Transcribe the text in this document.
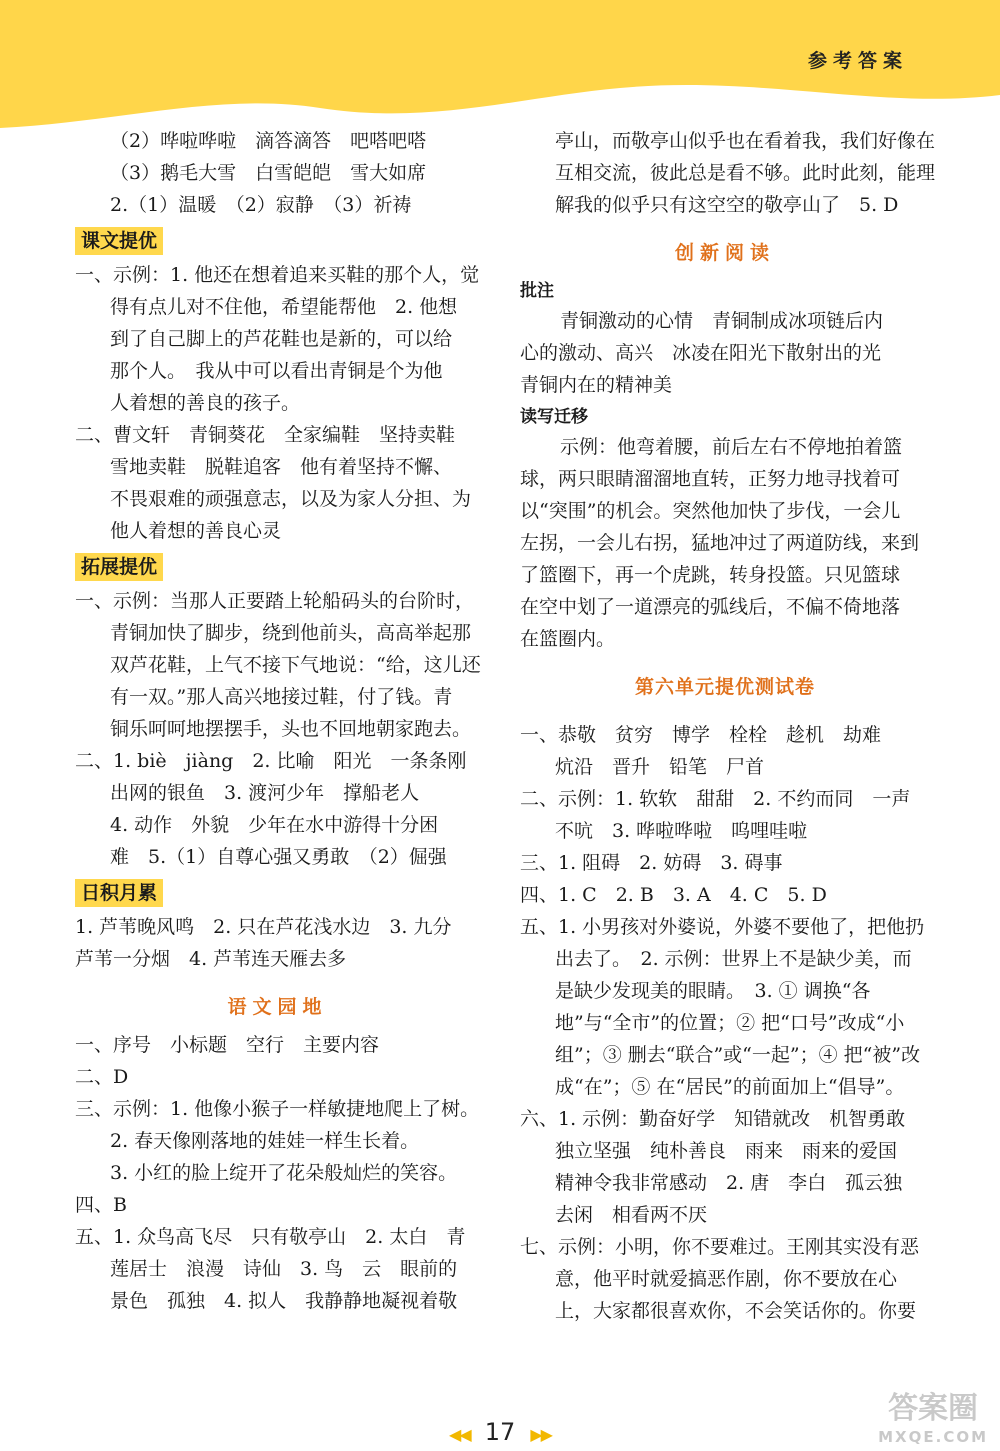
参考答案
（2）哗啦哗啦　滴答滴答　吧嗒吧嗒
（3）鹅毛大雪　白雪皑皑　雪大如席
2.（1）温暖　（2）寂静　（3）祈祷
课文提优
一、示例：1. 他还在想着追来买鞋的那个人，觉
得有点儿对不住他，希望能帮他　2. 他想
到了自己脚上的芦花鞋也是新的，可以给
那个人。　我从中可以看出青铜是个为他
人着想的善良的孩子。
二、曹文轩　青铜葵花　全家编鞋　坚持卖鞋
雪地卖鞋　脱鞋追客　他有着坚持不懈、
不畏艰难的顽强意志，以及为家人分担、为
他人着想的善良心灵
拓展提优
一、示例：当那人正要踏上轮船码头的台阶时，
青铜加快了脚步，绕到他前头，高高举起那
双芦花鞋，上气不接下气地说：“给，这儿还
有一双。”那人高兴地接过鞋，付了钱。青
铜乐呵呵地摆摆手，头也不回地朝家跑去。
二、1. biè　jiàng　2. 比喻　阳光　一条条刚
出网的银鱼　3. 渡河少年　撑船老人
4. 动作　外貌　少年在水中游得十分困
难　5.（1）自尊心强又勇敢　（2）倔强
日积月累
1. 芦苇晚风鸣　2. 只在芦花浅水边　3. 九分
芦苇一分烟　4. 芦苇连天雁去多
语文园地
一、序号　小标题　空行　主要内容
二、D
三、示例：1. 他像小猴子一样敏捷地爬上了树。
2. 春天像刚落地的娃娃一样生长着。
3. 小红的脸上绽开了花朵般灿烂的笑容。
四、B
五、1. 众鸟高飞尽　只有敬亭山　2. 太白　青
莲居士　浪漫　诗仙　3. 鸟　云　眼前的
景色　孤独　4. 拟人　我静静地凝视着敬
亭山，而敬亭山似乎也在看着我，我们好像在
互相交流，彼此总是看不够。此时此刻，能理
解我的似乎只有这空空的敬亭山了　5. D
创新阅读
批注
青铜激动的心情　青铜制成冰项链后内
心的激动、高兴　冰凌在阳光下散射出的光
青铜内在的精神美
读写迁移
示例：他弯着腰，前后左右不停地拍着篮
球，两只眼睛溜溜地直转，正努力地寻找着可
以“突围”的机会。突然他加快了步伐，一会儿
左拐，一会儿右拐，猛地冲过了两道防线，来到
了篮圈下，再一个虎跳，转身投篮。只见篮球
在空中划了一道漂亮的弧线后，不偏不倚地落
在篮圈内。
第六单元提优测试卷
一、恭敬　贫穷　博学　栓栓　趁机　劫难
炕沿　晋升　铅笔　尸首
二、示例：1. 软软　甜甜　2. 不约而同　一声
不吭　3. 哗啦哗啦　呜哩哇啦
三、1. 阻碍　2. 妨碍　3. 碍事
四、1. C　2. B　3. A　4. C　5. D
五、1. 小男孩对外婆说，外婆不要他了，把他扔
出去了。　2. 示例：世界上不是缺少美，而
是缺少发现美的眼睛。　3. ① 调换“各
地”与“全市”的位置；② 把“口号”改成“小
组”；③ 删去“联合”或“一起”；④ 把“被”改
成“在”；⑤ 在“居民”的前面加上“倡导”。
六、1. 示例：勤奋好学　知错就改　机智勇敢
独立坚强　纯朴善良　雨来　雨来的爱国
精神令我非常感动　2. 唐　李白　孤云独
去闲　相看两不厌
七、示例：小明，你不要难过。王刚其实没有恶
意，他平时就爱搞恶作剧，你不要放在心
上，大家都很喜欢你，不会笑话你的。你要
◀◀ 17 ▶▶
答案圈
MXQE.COM
